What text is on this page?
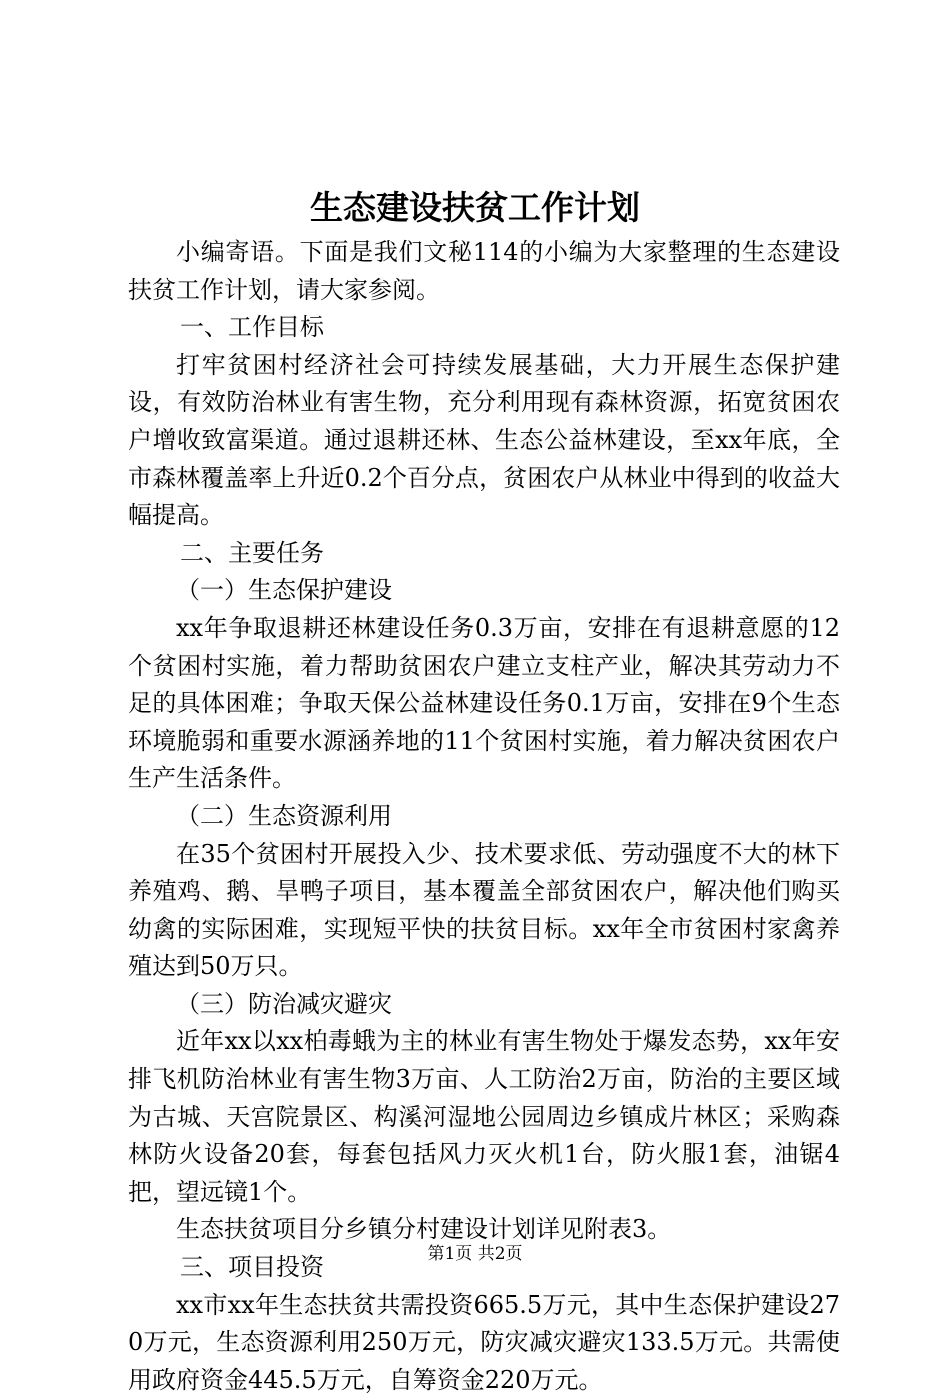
生态建设扶贫工作计划

小编寄语。下面是我们文秘114的小编为大家整理的生态建设扶贫工作计划，请大家参阅。

一、工作目标

打牢贫困村经济社会可持续发展基础，大力开展生态保护建设，有效防治林业有害生物，充分利用现有森林资源，拓宽贫困农户增收致富渠道。通过退耕还林、生态公益林建设，至xx年底，全市森林覆盖率上升近0.2个百分点，贫困农户从林业中得到的收益大幅提高。

二、主要任务

（一）生态保护建设

xx年争取退耕还林建设任务0.3万亩，安排在有退耕意愿的12个贫困村实施，着力帮助贫困农户建立支柱产业，解决其劳动力不足的具体困难；争取天保公益林建设任务0.1万亩，安排在9个生态环境脆弱和重要水源涵养地的11个贫困村实施，着力解决贫困农户生产生活条件。

（二）生态资源利用

在35个贫困村开展投入少、技术要求低、劳动强度不大的林下养殖鸡、鹅、旱鸭子项目，基本覆盖全部贫困农户，解决他们购买幼禽的实际困难，实现短平快的扶贫目标。xx年全市贫困村家禽养殖达到50万只。

（三）防治减灾避灾

近年xx以xx柏毒蛾为主的林业有害生物处于爆发态势，xx年安排飞机防治林业有害生物3万亩、人工防治2万亩，防治的主要区域为古城、天宫院景区、构溪河湿地公园周边乡镇成片林区；采购森林防火设备20套，每套包括风力灭火机1台，防火服1套，油锯4把，望远镜1个。

生态扶贫项目分乡镇分村建设计划详见附表3。

三、项目投资

xx市xx年生态扶贫共需投资665.5万元，其中生态保护建设270万元，生态资源利用250万元，防灾减灾避灾133.5万元。共需使用政府资金445.5万元，自筹资金220万元。

第1页 共2页
